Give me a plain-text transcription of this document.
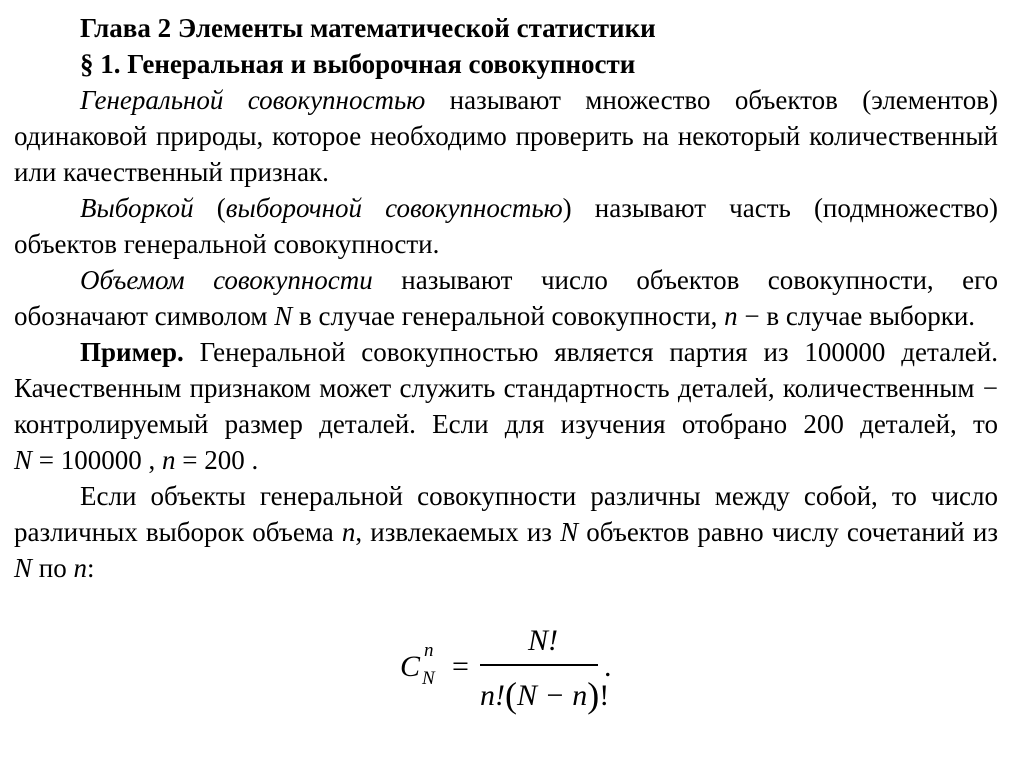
Глава 2 Элементы математической статистики
§ 1. Генеральная и выборочная совокупности

Генеральной совокупностью называют множество объектов (элементов) одинаковой природы, которое необходимо проверить на некоторый количественный или качественный признак.

Выборкой (выборочной совокупностью) называют часть (подмножество) объектов генеральной совокупности.

Объемом совокупности называют число объектов совокупности, его обозначают символом N в случае генеральной совокупности, n − в случае выборки.

Пример. Генеральной совокупностью является партия из 100000 деталей. Качественным признаком может служить стандартность деталей, количественным − контролируемый размер деталей. Если для изучения отобрано 200 деталей, то N = 100000 , n = 200 .

Если объекты генеральной совокупности различны между собой, то число различных выборок объема n, извлекаемых из N объектов равно числу сочетаний из N по n:

C n
N =
N!
n!(N − n)!
.
